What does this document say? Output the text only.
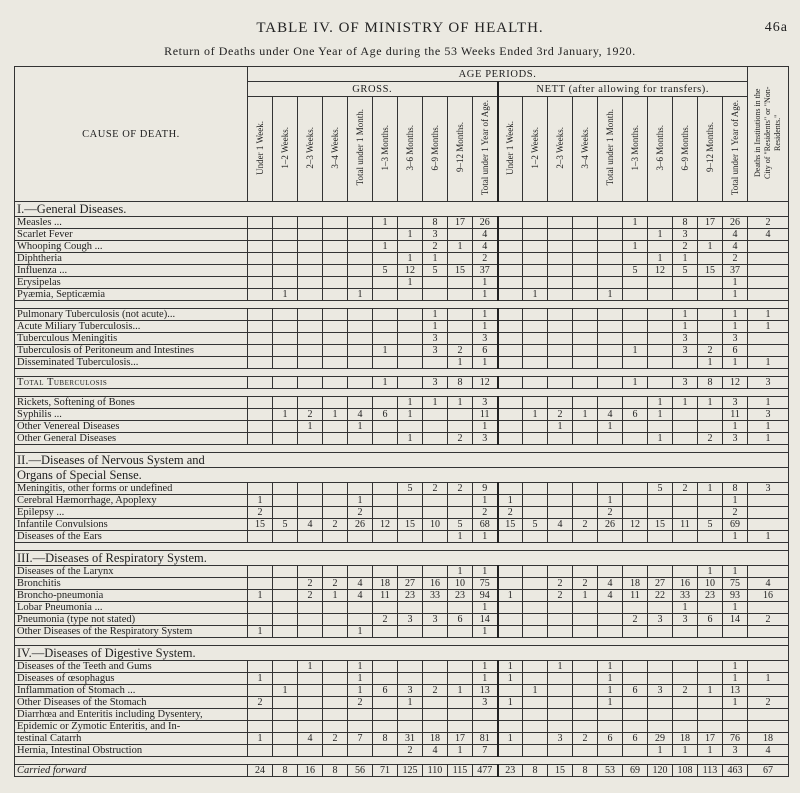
TABLE IV. OF MINISTRY OF HEALTH.	46a
Return of Deaths under One Year of Age during the 53 Weeks Ended 3rd January, 1920.
CAUSE OF DEATH.	AGE PERIODS.																				Deaths in Institutions in the City of "Residents" or "Non-Residents."
	GROSS.										NETT (after allowing for transfers).										
	Under 1 Week.	1–2 Weeks.	2–3 Weeks.	3–4 Weeks.	Total under 1 Month.	1–3 Months.	3–6 Months.	6–9 Months.	9–12 Months.	Total under 1 Year of Age.	Under 1 Week.	1–2 Weeks.	2–3 Weeks.	3–4 Weeks.	Total under 1 Month.	1–3 Months.	3–6 Months.	6–9 Months.	9–12 Months.	Total under 1 Year of Age.	
I.—General Diseases.																					
Measles ...						1		8	17	26						1		8	17	26	2
Scarlet Fever							1	3		4							1	3		4	4
Whooping Cough ...						1		2	1	4						1		2	1	4	
Diphtheria							1	1		2							1	1		2	
Influenza ...						5	12	5	15	37						5	12	5	15	37	
Erysipelas							1			1										1	
Pyæmia, Septicæmia		1			1					1		1			1					1	

Pulmonary Tuberculosis (not acute)...								1		1								1		1	1
Acute Miliary Tuberculosis...								1		1								1		1	1
Tuberculous Meningitis								3		3								3		3	
Tuberculosis of Peritoneum and Intestines						1		3	2	6						1		3	2	6	
Disseminated Tuberculosis...									1	1									1	1	1

Total Tuberculosis						1		3	8	12						1		3	8	12	3

Rickets, Softening of Bones							1	1	1	3							1	1	1	3	1
Syphilis ...		1	2	1	4	6	1			11		1	2	1	4	6	1			11	3
Other Venereal Diseases			1		1					1			1		1					1	1
Other General Diseases							1		2	3							1		2	3	1

II.—Diseases of Nervous System and																					
Organs of Special Sense.																					
Meningitis, other forms or undefined							5	2	2	9							5	2	1	8	3
Cerebral Hæmorrhage, Apoplexy	1				1					1	1				1					1	
Epilepsy ...	2				2					2	2				2					2	
Infantile Convulsions	15	5	4	2	26	12	15	10	5	68	15	5	4	2	26	12	15	11	5	69	
Diseases of the Ears									1	1										1	1

III.—Diseases of Respiratory System.																					
Diseases of the Larynx									1	1									1	1	
Bronchitis			2	2	4	18	27	16	10	75			2	2	4	18	27	16	10	75	4
Broncho-pneumonia	1		2	1	4	11	23	33	23	94	1		2	1	4	11	22	33	23	93	16
Lobar Pneumonia ...										1								1		1	
Pneumonia (type not stated)						2	3	3	6	14						2	3	3	6	14	2
Other Diseases of the Respiratory System	1				1					1											

IV.—Diseases of Digestive System.																					
Diseases of the Teeth and Gums			1		1					1	1		1		1					1	
Diseases of œsophagus	1				1					1	1				1					1	1
Inflammation of Stomach ...		1			1	6	3	2	1	13		1			1	6	3	2	1	13	
Other Diseases of the Stomach	2				2		1			3	1				1					1	2
Diarrhœa and Enteritis including Dysentery,																					
Epidemic or Zymotic Enteritis, and In-																					
testinal Catarrh	1		4	2	7	8	31	18	17	81	1		3	2	6	6	29	18	17	76	18
Hernia, Intestinal Obstruction							2	4	1	7							1	1	1	3	4

Carried forward	24	8	16	8	56	71	125	110	115	477	23	8	15	8	53	69	120	108	113	463	67
